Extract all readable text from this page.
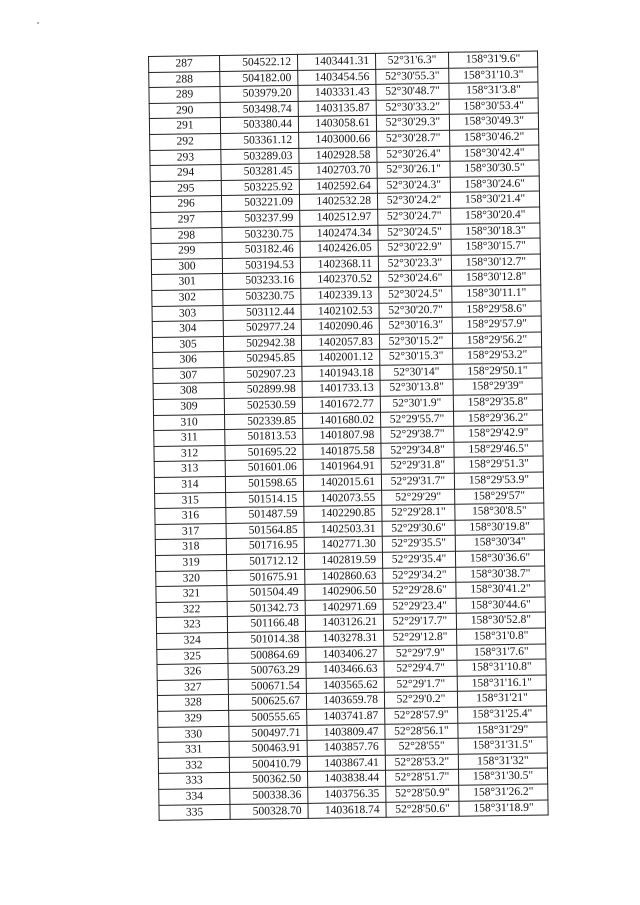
287	504522.12	1403441.31	52°31'6.3"	158°31'9.6"
288	504182.00	1403454.56	52°30'55.3"	158°31'10.3"
289	503979.20	1403331.43	52°30'48.7"	158°31'3.8"
290	503498.74	1403135.87	52°30'33.2"	158°30'53.4"
291	503380.44	1403058.61	52°30'29.3"	158°30'49.3"
292	503361.12	1403000.66	52°30'28.7"	158°30'46.2"
293	503289.03	1402928.58	52°30'26.4"	158°30'42.4"
294	503281.45	1402703.70	52°30'26.1"	158°30'30.5"
295	503225.92	1402592.64	52°30'24.3"	158°30'24.6"
296	503221.09	1402532.28	52°30'24.2"	158°30'21.4"
297	503237.99	1402512.97	52°30'24.7"	158°30'20.4"
298	503230.75	1402474.34	52°30'24.5"	158°30'18.3"
299	503182.46	1402426.05	52°30'22.9"	158°30'15.7"
300	503194.53	1402368.11	52°30'23.3"	158°30'12.7"
301	503233.16	1402370.52	52°30'24.6"	158°30'12.8"
302	503230.75	1402339.13	52°30'24.5"	158°30'11.1"
303	503112.44	1402102.53	52°30'20.7"	158°29'58.6"
304	502977.24	1402090.46	52°30'16.3"	158°29'57.9"
305	502942.38	1402057.83	52°30'15.2"	158°29'56.2"
306	502945.85	1402001.12	52°30'15.3"	158°29'53.2"
307	502907.23	1401943.18	52°30'14"	158°29'50.1"
308	502899.98	1401733.13	52°30'13.8"	158°29'39"
309	502530.59	1401672.77	52°30'1.9"	158°29'35.8"
310	502339.85	1401680.02	52°29'55.7"	158°29'36.2"
311	501813.53	1401807.98	52°29'38.7"	158°29'42.9"
312	501695.22	1401875.58	52°29'34.8"	158°29'46.5"
313	501601.06	1401964.91	52°29'31.8"	158°29'51.3"
314	501598.65	1402015.61	52°29'31.7"	158°29'53.9"
315	501514.15	1402073.55	52°29'29"	158°29'57"
316	501487.59	1402290.85	52°29'28.1"	158°30'8.5"
317	501564.85	1402503.31	52°29'30.6"	158°30'19.8"
318	501716.95	1402771.30	52°29'35.5"	158°30'34"
319	501712.12	1402819.59	52°29'35.4"	158°30'36.6"
320	501675.91	1402860.63	52°29'34.2"	158°30'38.7"
321	501504.49	1402906.50	52°29'28.6"	158°30'41.2"
322	501342.73	1402971.69	52°29'23.4"	158°30'44.6"
323	501166.48	1403126.21	52°29'17.7"	158°30'52.8"
324	501014.38	1403278.31	52°29'12.8"	158°31'0.8"
325	500864.69	1403406.27	52°29'7.9"	158°31'7.6"
326	500763.29	1403466.63	52°29'4.7"	158°31'10.8"
327	500671.54	1403565.62	52°29'1.7"	158°31'16.1"
328	500625.67	1403659.78	52°29'0.2"	158°31'21"
329	500555.65	1403741.87	52°28'57.9"	158°31'25.4"
330	500497.71	1403809.47	52°28'56.1"	158°31'29"
331	500463.91	1403857.76	52°28'55"	158°31'31.5"
332	500410.79	1403867.41	52°28'53.2"	158°31'32"
333	500362.50	1403838.44	52°28'51.7"	158°31'30.5"
334	500338.36	1403756.35	52°28'50.9"	158°31'26.2"
335	500328.70	1403618.74	52°28'50.6"	158°31'18.9"
